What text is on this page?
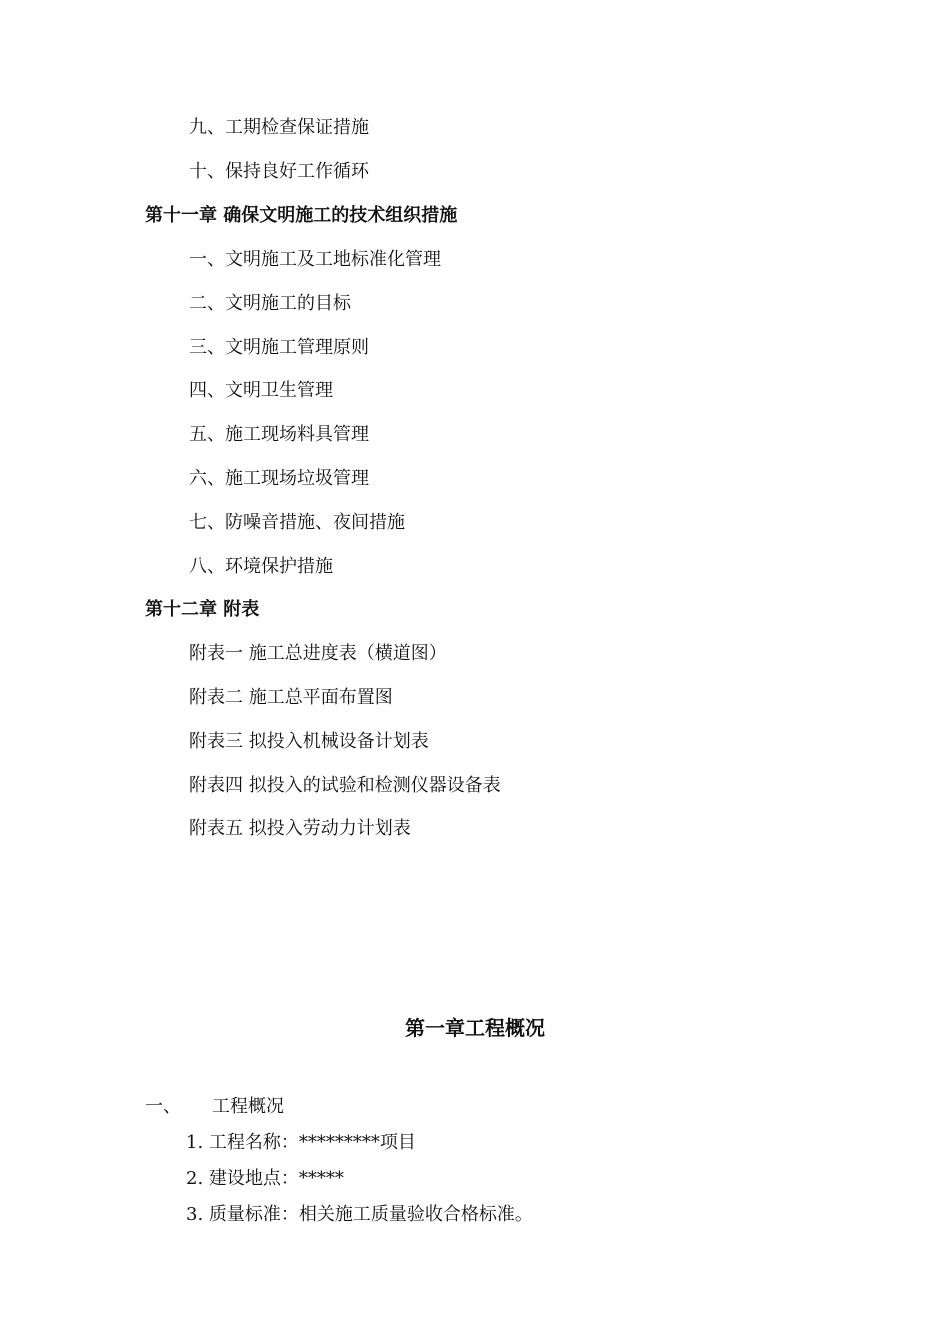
九、工期检查保证措施
十、保持良好工作循环
第十一章 确保文明施工的技术组织措施
一、文明施工及工地标准化管理
二、文明施工的目标
三、文明施工管理原则
四、文明卫生管理
五、施工现场料具管理
六、施工现场垃圾管理
七、防噪音措施、夜间措施
八、环境保护措施
第十二章 附表
附表一 施工总进度表（横道图）
附表二 施工总平面布置图
附表三 拟投入机械设备计划表
附表四 拟投入的试验和检测仪器设备表
附表五 拟投入劳动力计划表
第一章工程概况
一、 工程概况
1. 工程名称：*********项目
2. 建设地点：*****
3. 质量标准：相关施工质量验收合格标准。
